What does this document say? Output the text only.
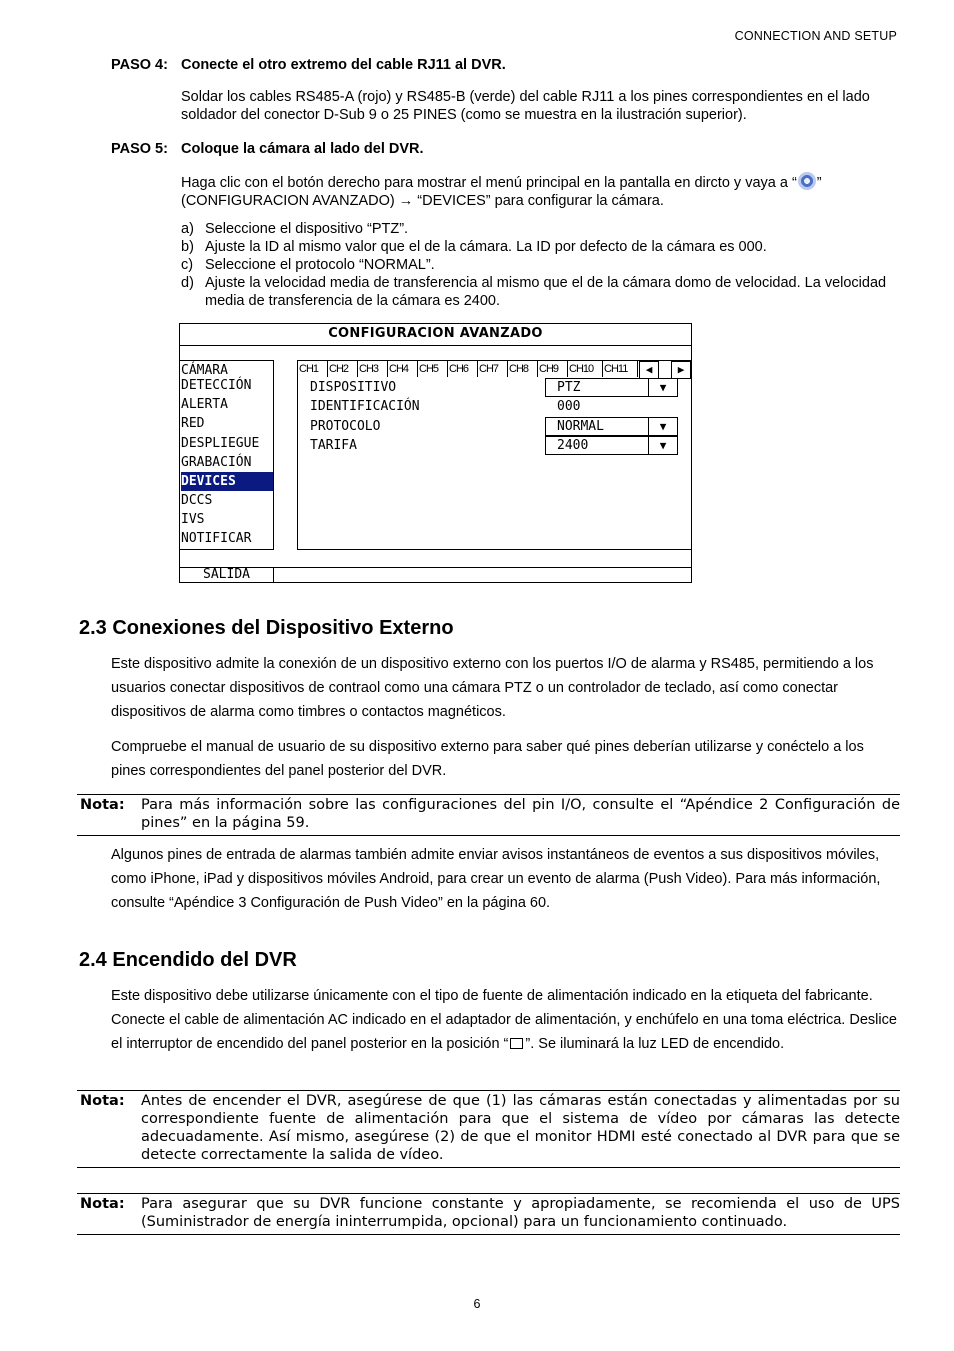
CONNECTION AND SETUP
PASO 4: Conecte el otro extremo del cable RJ11 al DVR.
Soldar los cables RS485-A (rojo) y RS485-B (verde) del cable RJ11 a los pines correspondientes en el lado soldador del conector D-Sub 9 o 25 PINES (como se muestra en la ilustración superior).
PASO 5: Coloque la cámara al lado del DVR.
Haga clic con el botón derecho para mostrar el menú principal en la pantalla en dircto y vaya a “ ” (CONFIGURACION AVANZADO) → “DEVICES” para configurar la cámara.
a) Seleccione el dispositivo “PTZ”.
b) Ajuste la ID al mismo valor que el de la cámara. La ID por defecto de la cámara es 000.
c) Seleccione el protocolo “NORMAL”.
d) Ajuste la velocidad media de transferencia al mismo que el de la cámara domo de velocidad. La velocidad media de transferencia de la cámara es 2400.
CONFIGURACION AVANZADO
CÁMARA
DETECCIÓN
ALERTA
RED
DESPLIEGUE
GRABACIÓN
DEVICES
DCCS
IVS
NOTIFICAR
CH1 CH2 CH3 CH4 CH5 CH6 CH7 CH8 CH9 CH10 CH11	◀	▶
DISPOSITIVO	PTZ	▼
IDENTIFICACIÓN	000
PROTOCOLO	NORMAL	▼
TARIFA	2400	▼
SALIDA
2.3 Conexiones del Dispositivo Externo
Este dispositivo admite la conexión de un dispositivo externo con los puertos I/O de alarma y RS485, permitiendo a los usuarios conectar dispositivos de contraol como una cámara PTZ o un controlador de teclado, así como conectar dispositivos de alarma como timbres o contactos magnéticos.
Compruebe el manual de usuario de su dispositivo externo para saber qué pines deberían utilizarse y conéctelo a los pines correspondientes del panel posterior del DVR.
Nota:	Para más información sobre las configuraciones del pin I/O, consulte el “Apéndice 2 Configuración de pines” en la página 59.
Algunos pines de entrada de alarmas también admite enviar avisos instantáneos de eventos a sus dispositivos móviles, como iPhone, iPad y dispositivos móviles Android, para crear un evento de alarma (Push Video). Para más información, consulte “Apéndice 3 Configuración de Push Video” en la página 60.
2.4 Encendido del DVR
Este dispositivo debe utilizarse únicamente con el tipo de fuente de alimentación indicado en la etiqueta del fabricante. Conecte el cable de alimentación AC indicado en el adaptador de alimentación, y enchúfelo en una toma eléctrica. Deslice el interruptor de encendido del panel posterior en la posición “ ”. Se iluminará la luz LED de encendido.
Nota:	Antes de encender el DVR, asegúrese de que (1) las cámaras están conectadas y alimentadas por su correspondiente fuente de alimentación para que el sistema de vídeo por cámaras las detecte adecuadamente. Así mismo, asegúrese (2) de que el monitor HDMI esté conectado al DVR para que se detecte correctamente la salida de vídeo.
Nota:	Para asegurar que su DVR funcione constante y apropiadamente, se recomienda el uso de UPS (Suministrador de energía ininterrumpida, opcional) para un funcionamiento continuado.
6
